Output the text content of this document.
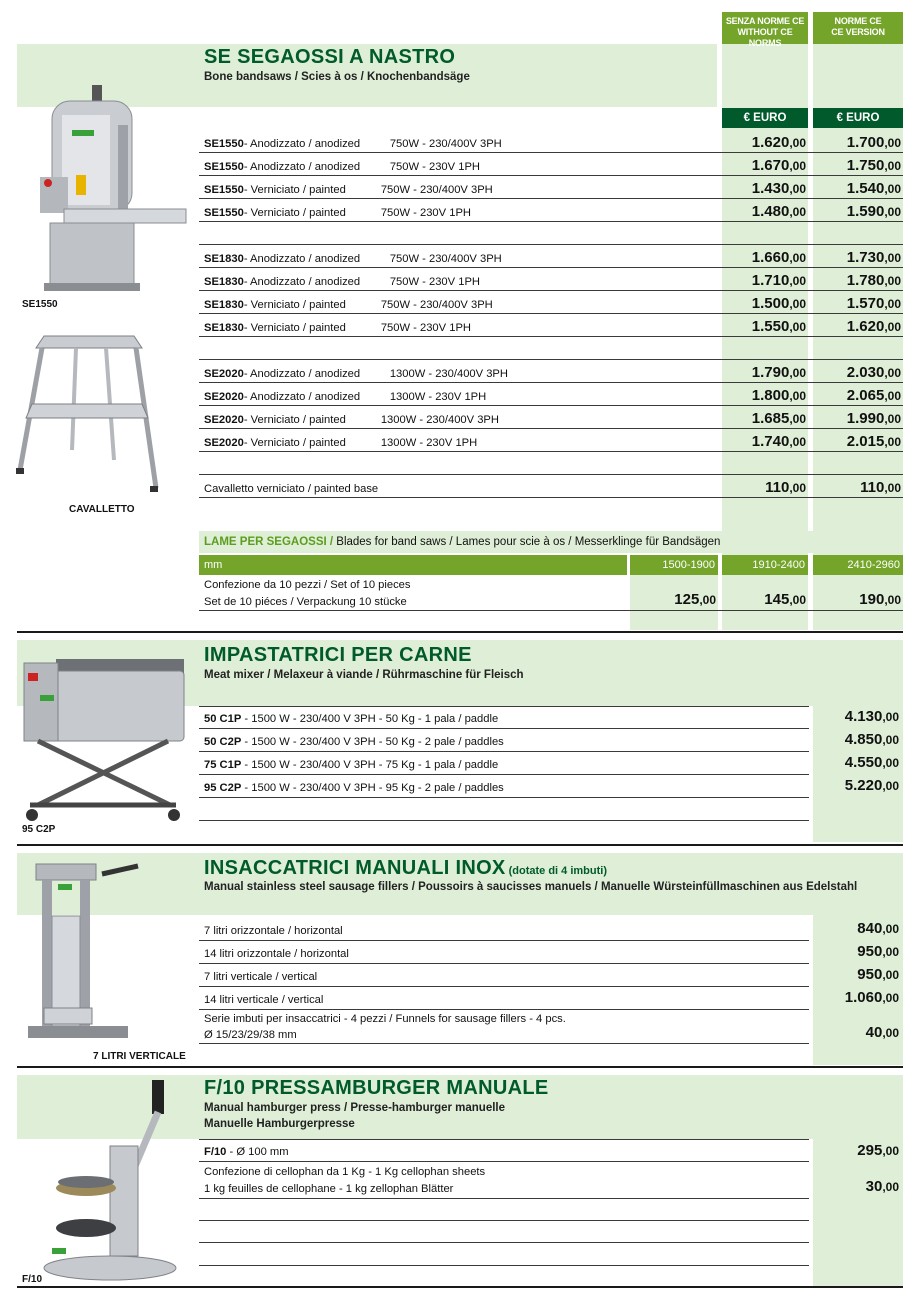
SENZA NORME CE
WITHOUT CE NORMS
NORME CE
CE VERSION
SE SEGAOSSI A NASTRO
Bone bandsaws / Scies à os / Knochenbandsäge
€ EURO	€ EURO
SE1550- Anodizzato / anodized	750W - 230/400V 3PH	1.620,00	1.700,00
SE1550- Anodizzato / anodized	750W - 230V 1PH	1.670,00	1.750,00
SE1550- Verniciato / painted	750W - 230/400V 3PH	1.430,00	1.540,00
SE1550- Verniciato / painted	750W - 230V 1PH	1.480,00	1.590,00
SE1830- Anodizzato / anodized	750W - 230/400V 3PH	1.660,00	1.730,00
SE1830- Anodizzato / anodized	750W - 230V 1PH	1.710,00	1.780,00
SE1830- Verniciato / painted	750W - 230/400V 3PH	1.500,00	1.570,00
SE1830- Verniciato / painted	750W - 230V 1PH	1.550,00	1.620,00
SE2020- Anodizzato / anodized	1300W - 230/400V 3PH	1.790,00	2.030,00
SE2020- Anodizzato / anodized	1300W - 230V 1PH	1.800,00	2.065,00
SE2020- Verniciato / painted	1300W - 230/400V 3PH	1.685,00	1.990,00
SE2020- Verniciato / painted	1300W - 230V 1PH	1.740,00	2.015,00
Cavalletto verniciato / painted base	110,00	110,00
SE1550
CAVALLETTO
LAME PER SEGAOSSI / Blades for band saws / Lames pour scie à os / Messerklinge für Bandsägen
mm	1500-1900	1910-2400	2410-2960
Confezione da 10 pezzi / Set of 10 pieces
Set de 10 piéces / Verpackung 10 stücke	125,00	145,00	190,00
IMPASTATRICI PER CARNE
Meat mixer / Melaxeur à viande / Rührmaschine für Fleisch
50 C1P - 1500 W - 230/400 V 3PH - 50 Kg - 1 pala / paddle	4.130,00
50 C2P - 1500 W - 230/400 V 3PH - 50 Kg - 2 pale / paddles	4.850,00
75 C1P - 1500 W - 230/400 V 3PH - 75 Kg - 1 pala / paddle	4.550,00
95 C2P - 1500 W - 230/400 V 3PH - 95 Kg - 2 pale / paddles	5.220,00
95 C2P
INSACCATRICI MANUALI INOX (dotate di 4 imbuti)
Manual stainless steel sausage fillers / Poussoirs à saucisses manuels / Manuelle Würsteinfüllmaschinen aus Edelstahl
7 litri orizzontale / horizontal	840,00
14 litri orizzontale / horizontal	950,00
7 litri verticale / vertical	950,00
14 litri verticale / vertical	1.060,00
Serie imbuti per insaccatrici - 4 pezzi / Funnels for sausage fillers - 4 pcs.
Ø 15/23/29/38 mm	40,00
7 LITRI VERTICALE
F/10 PRESSAMBURGER MANUALE
Manual hamburger press / Presse-hamburger manuelle
Manuelle Hamburgerpresse
F/10 - Ø 100 mm	295,00
Confezione di cellophan da 1 Kg - 1 Kg cellophan sheets
1 kg feuilles de cellophane - 1 kg zellophan Blätter	30,00
F/10
